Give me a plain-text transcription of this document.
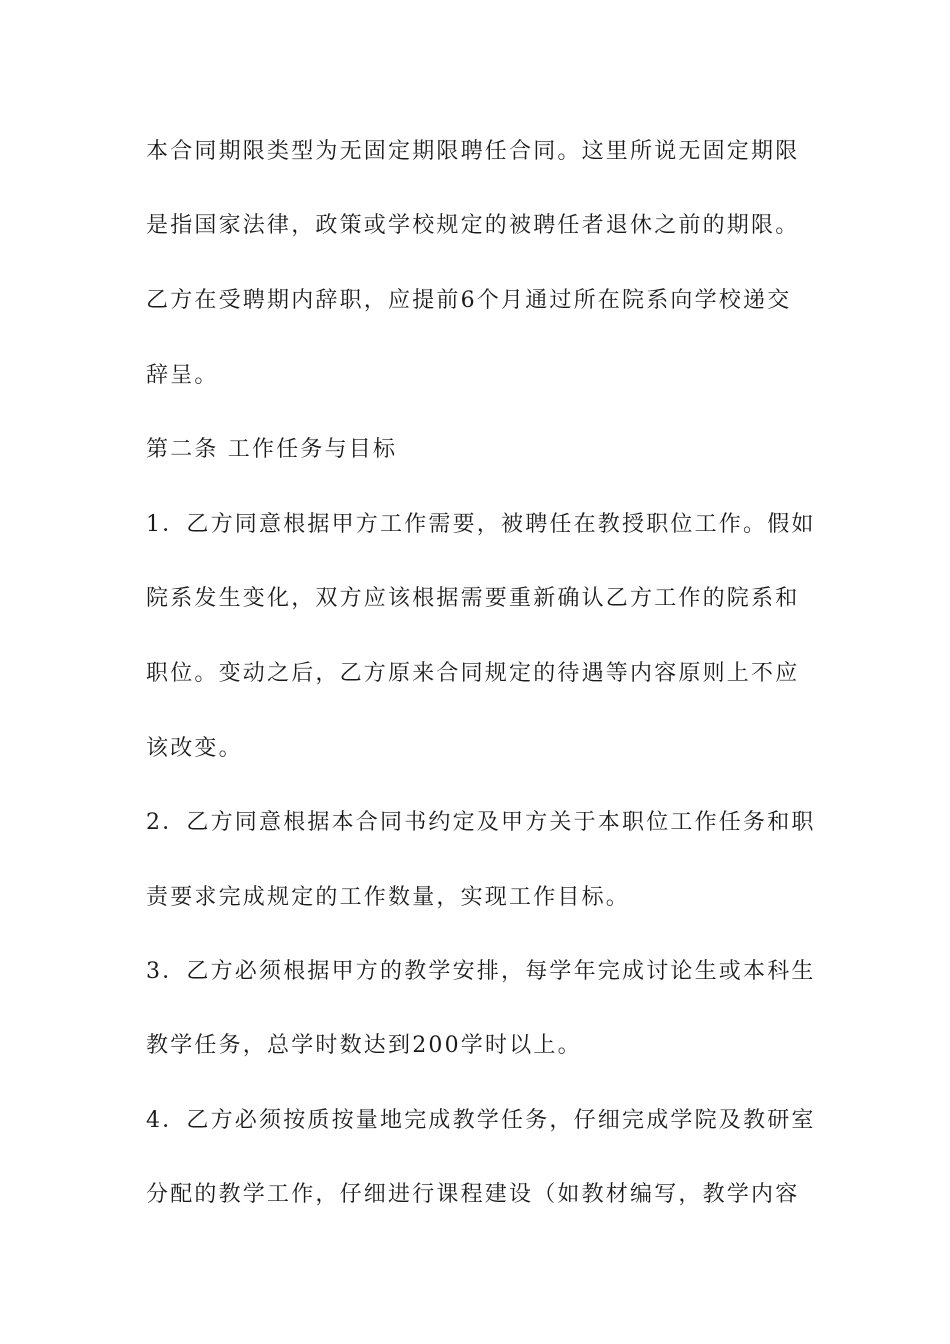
本合同期限类型为无固定期限聘任合同。这里所说无固定期限
是指国家法律，政策或学校规定的被聘任者退休之前的期限。
乙方在受聘期内辞职，应提前6个月通过所在院系向学校递交
辞呈。
第二条 工作任务与目标
1．乙方同意根据甲方工作需要，被聘任在教授职位工作。假如
院系发生变化，双方应该根据需要重新确认乙方工作的院系和
职位。变动之后，乙方原来合同规定的待遇等内容原则上不应
该改变。
2．乙方同意根据本合同书约定及甲方关于本职位工作任务和职
责要求完成规定的工作数量，实现工作目标。
3．乙方必须根据甲方的教学安排，每学年完成讨论生或本科生
教学任务，总学时数达到200学时以上。
4．乙方必须按质按量地完成教学任务，仔细完成学院及教研室
分配的教学工作，仔细进行课程建设（如教材编写，教学内容
